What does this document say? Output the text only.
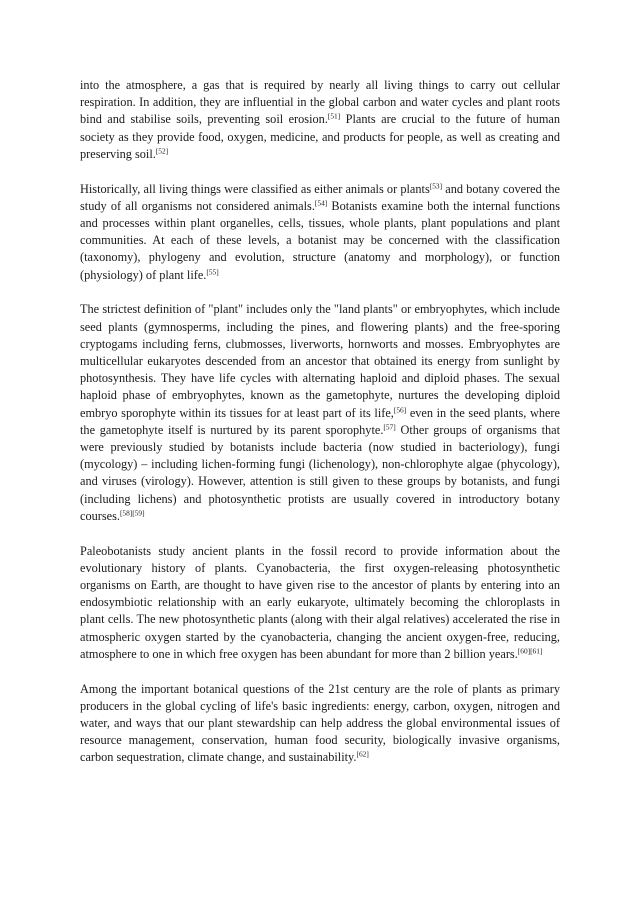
into the atmosphere, a gas that is required by nearly all living things to carry out cellular respiration. In addition, they are influential in the global carbon and water cycles and plant roots bind and stabilise soils, preventing soil erosion.[51] Plants are crucial to the future of human society as they provide food, oxygen, medicine, and products for people, as well as creating and preserving soil.[52]

Historically, all living things were classified as either animals or plants[53] and botany covered the study of all organisms not considered animals.[54] Botanists examine both the internal functions and processes within plant organelles, cells, tissues, whole plants, plant populations and plant communities. At each of these levels, a botanist may be concerned with the classification (taxonomy), phylogeny and evolution, structure (anatomy and morphology), or function (physiology) of plant life.[55]

The strictest definition of "plant" includes only the "land plants" or embryophytes, which include seed plants (gymnosperms, including the pines, and flowering plants) and the free-sporing cryptogams including ferns, clubmosses, liverworts, hornworts and mosses. Embryophytes are multicellular eukaryotes descended from an ancestor that obtained its energy from sunlight by photosynthesis. They have life cycles with alternating haploid and diploid phases. The sexual haploid phase of embryophytes, known as the gametophyte, nurtures the developing diploid embryo sporophyte within its tissues for at least part of its life,[56] even in the seed plants, where the gametophyte itself is nurtured by its parent sporophyte.[57] Other groups of organisms that were previously studied by botanists include bacteria (now studied in bacteriology), fungi (mycology) – including lichen-forming fungi (lichenology), non-chlorophyte algae (phycology), and viruses (virology). However, attention is still given to these groups by botanists, and fungi (including lichens) and photosynthetic protists are usually covered in introductory botany courses.[58][59]

Paleobotanists study ancient plants in the fossil record to provide information about the evolutionary history of plants. Cyanobacteria, the first oxygen-releasing photosynthetic organisms on Earth, are thought to have given rise to the ancestor of plants by entering into an endosymbiotic relationship with an early eukaryote, ultimately becoming the chloroplasts in plant cells. The new photosynthetic plants (along with their algal relatives) accelerated the rise in atmospheric oxygen started by the cyanobacteria, changing the ancient oxygen-free, reducing, atmosphere to one in which free oxygen has been abundant for more than 2 billion years.[60][61]

Among the important botanical questions of the 21st century are the role of plants as primary producers in the global cycling of life's basic ingredients: energy, carbon, oxygen, nitrogen and water, and ways that our plant stewardship can help address the global environmental issues of resource management, conservation, human food security, biologically invasive organisms, carbon sequestration, climate change, and sustainability.[62]
